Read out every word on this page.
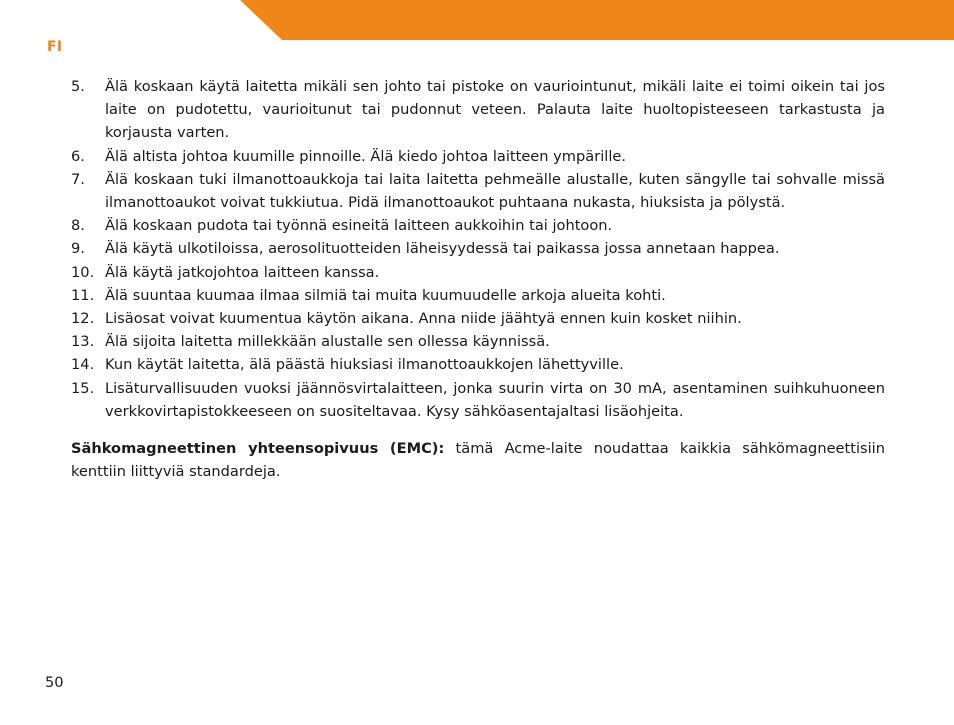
FI
5. Älä koskaan käytä laitetta mikäli sen johto tai pistoke on vauriointunut, mikäli laite ei toimi oikein tai jos laite on pudotettu, vaurioitunut tai pudonnut veteen. Palauta laite huoltopisteeseen tarkastusta ja korjausta varten.
6. Älä altista johtoa kuumille pinnoille. Älä kiedo johtoa laitteen ympärille.
7. Älä koskaan tuki ilmanottoaukkoja tai laita laitetta pehmeälle alustalle, kuten sängylle tai sohvalle missä ilmanottoaukot voivat tukkiutua. Pidä ilmanottoaukot puhtaana nukasta, hiuksista ja pölystä.
8. Älä koskaan pudota tai työnnä esineitä laitteen aukkoihin tai johtoon.
9. Älä käytä ulkotiloissa, aerosolituotteiden läheisyydessä tai paikassa jossa annetaan happea.
10. Älä käytä jatkojohtoa laitteen kanssa.
11. Älä suuntaa kuumaa ilmaa silmiä tai muita kuumuudelle arkoja alueita kohti.
12. Lisäosat voivat kuumentua käytön aikana. Anna niide jäähtyä ennen kuin kosket niihin.
13. Älä sijoita laitetta millekkään alustalle sen ollessa käynnissä.
14. Kun käytät laitetta, älä päästä hiuksiasi ilmanottoaukkojen lähettyville.
15. Lisäturvallisuuden vuoksi jäännösvirtalaitteen, jonka suurin virta on 30 mA, asentaminen suihkuhuoneen verkkovirtapistokkeeseen on suositeltavaa. Kysy sähköasentajaltasi lisäohjeita.

Sähkomagneettinen yhteensopivuus (EMC): tämä Acme-laite noudattaa kaikkia sähkömagneettisiin kenttiin liittyviä standardeja.

50
